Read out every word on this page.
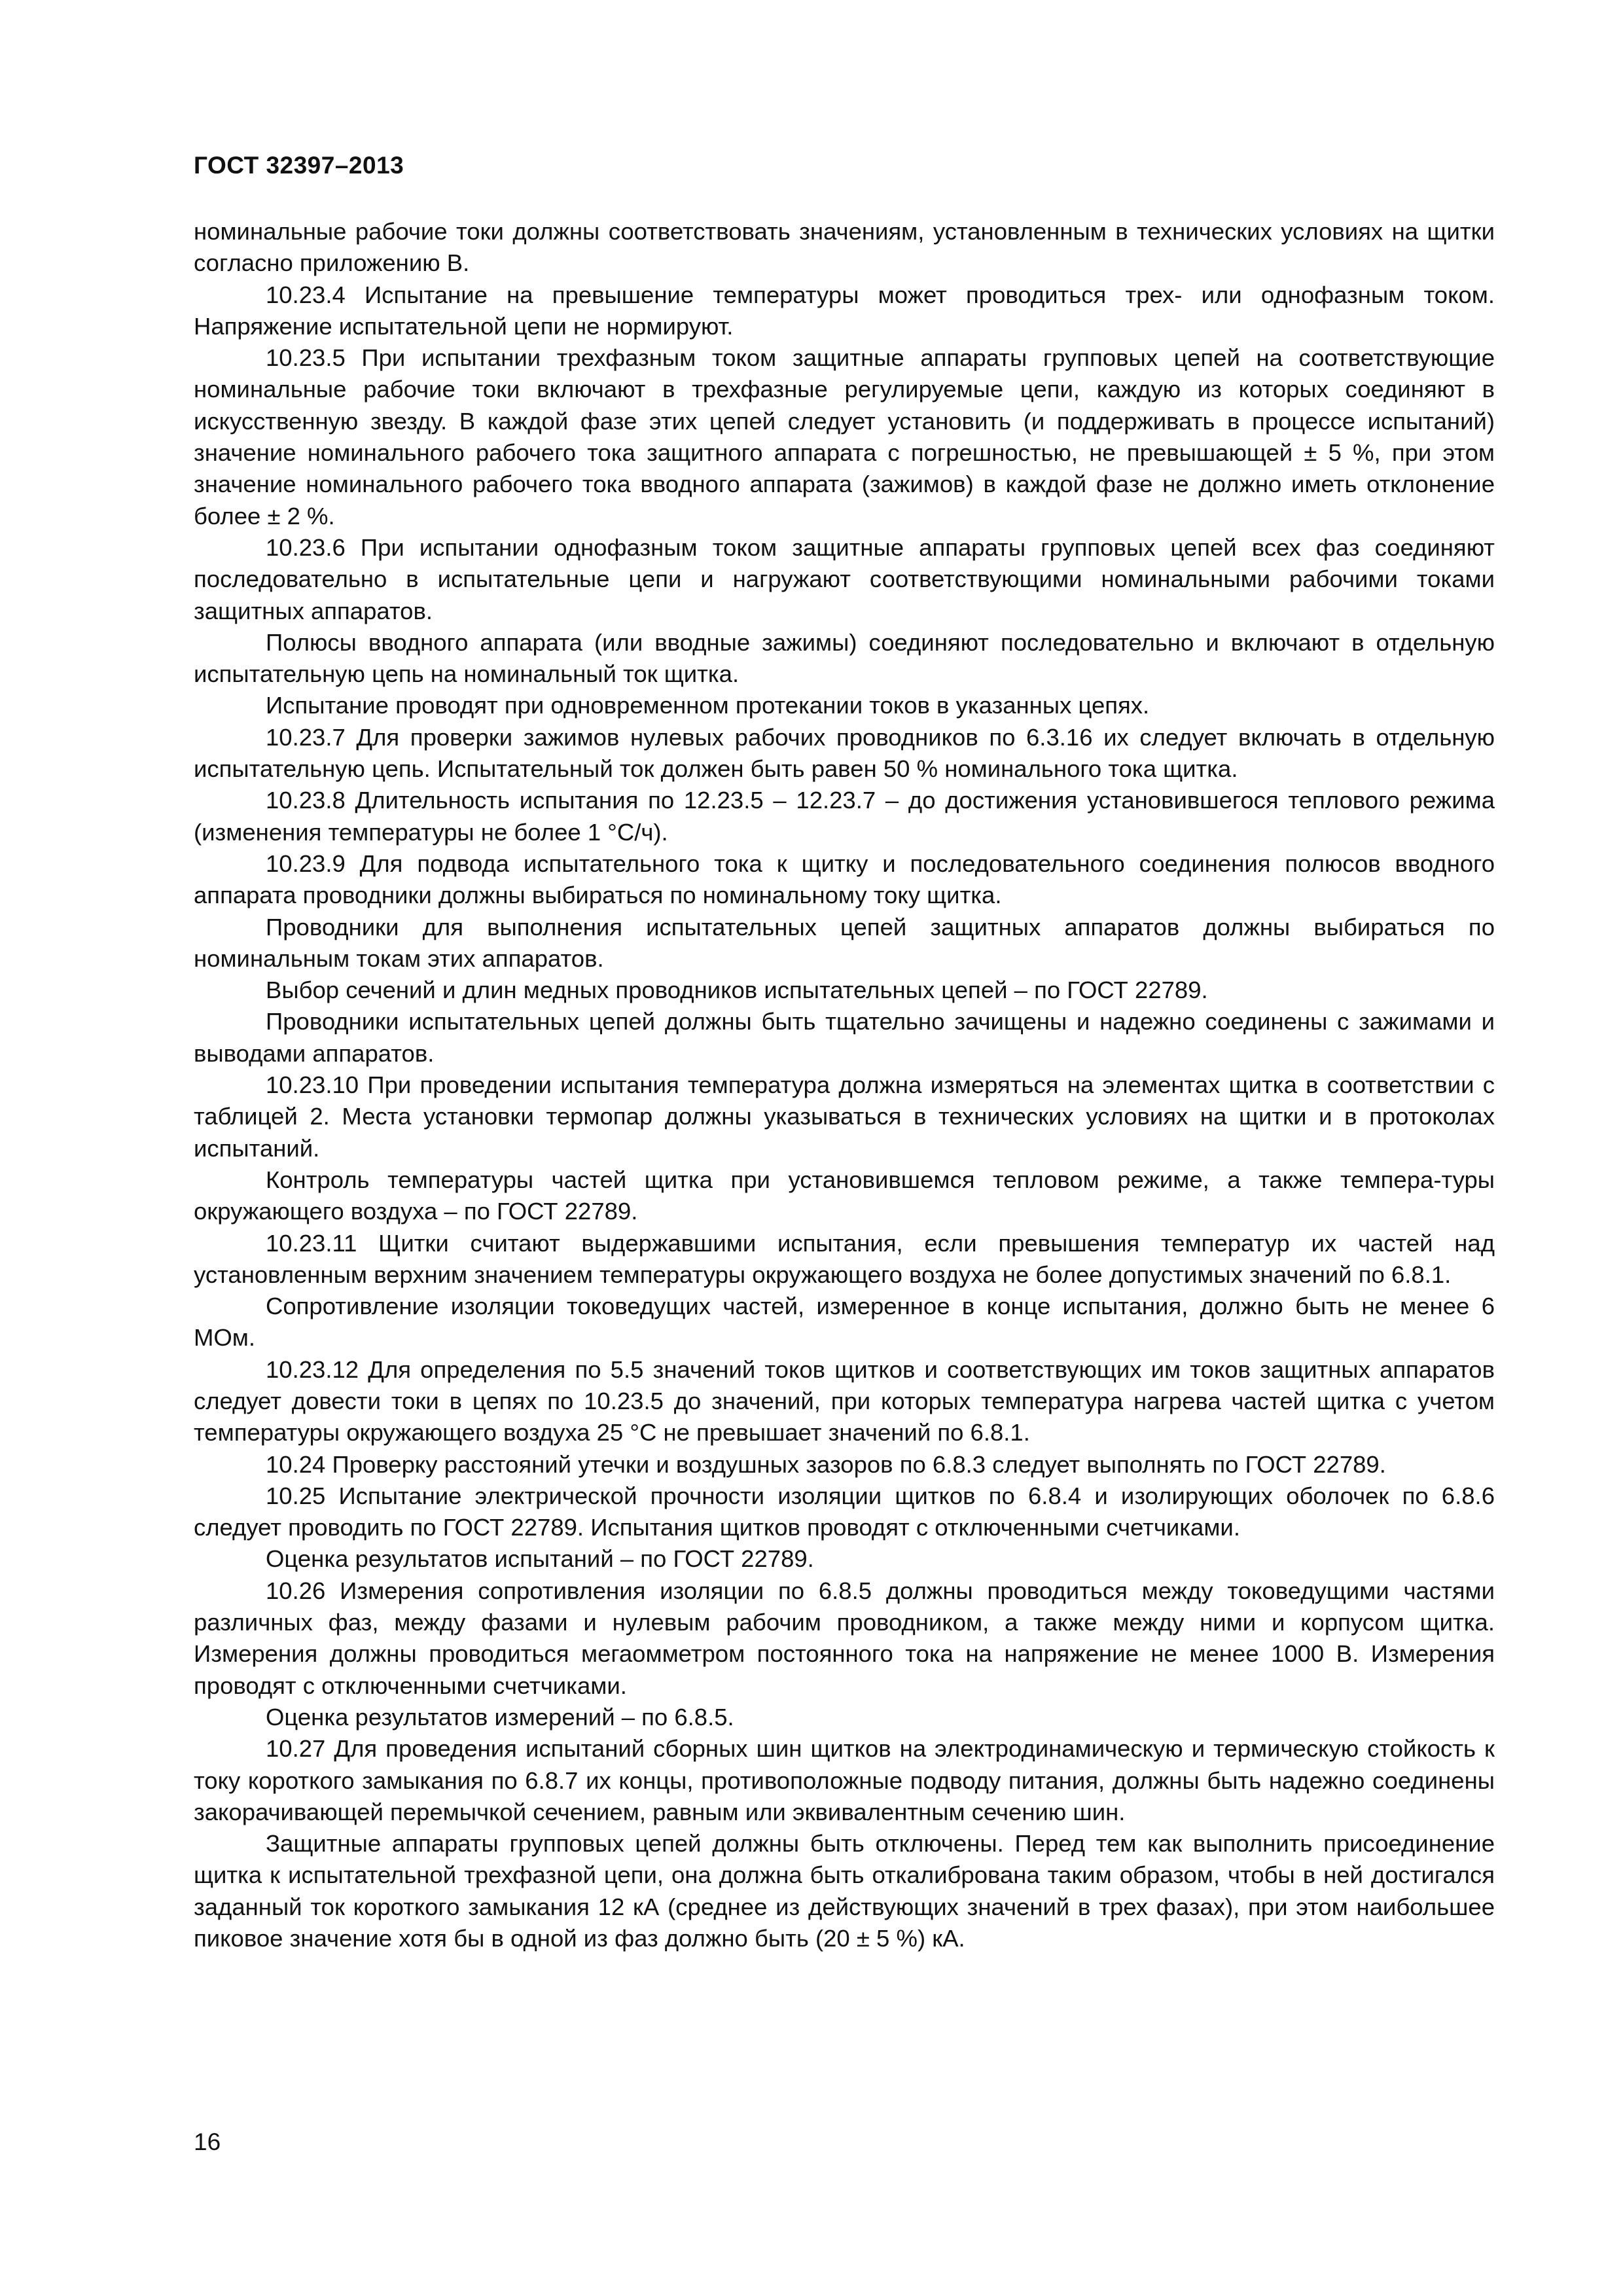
ГОСТ 32397–2013

номинальные рабочие токи должны соответствовать значениям, установленным в технических условиях на щитки согласно приложению В.

10.23.4 Испытание на превышение температуры может проводиться трех- или однофазным током. Напряжение испытательной цепи не нормируют.

10.23.5 При испытании трехфазным током защитные аппараты групповых цепей на соответствующие номинальные рабочие токи включают в трехфазные регулируемые цепи, каждую из которых соединяют в искусственную звезду. В каждой фазе этих цепей следует установить (и поддерживать в процессе испытаний) значение номинального рабочего тока защитного аппарата с погрешностью, не превышающей ± 5 %, при этом значение номинального рабочего тока вводного аппарата (зажимов) в каждой фазе не должно иметь отклонение более ± 2 %.

10.23.6 При испытании однофазным током защитные аппараты групповых цепей всех фаз соединяют последовательно в испытательные цепи и нагружают соответствующими номинальными рабочими токами защитных аппаратов.

Полюсы вводного аппарата (или вводные зажимы) соединяют последовательно и включают в отдельную испытательную цепь на номинальный ток щитка.

Испытание проводят при одновременном протекании токов в указанных цепях.

10.23.7 Для проверки зажимов нулевых рабочих проводников по 6.3.16 их следует включать в отдельную испытательную цепь. Испытательный ток должен быть равен 50 % номинального тока щитка.

10.23.8 Длительность испытания по 12.23.5 – 12.23.7 – до достижения установившегося теплового режима (изменения температуры не более 1 °С/ч).

10.23.9 Для подвода испытательного тока к щитку и последовательного соединения полюсов вводного аппарата проводники должны выбираться по номинальному току щитка.

Проводники для выполнения испытательных цепей защитных аппаратов должны выбираться по номинальным токам этих аппаратов.

Выбор сечений и длин медных проводников испытательных цепей – по ГОСТ 22789.

Проводники испытательных цепей должны быть тщательно зачищены и надежно соединены с зажимами и выводами аппаратов.

10.23.10 При проведении испытания температура должна измеряться на элементах щитка в соответствии с таблицей 2. Места установки термопар должны указываться в технических условиях на щитки и в протоколах испытаний.

Контроль температуры частей щитка при установившемся тепловом режиме, а также темпера-туры окружающего воздуха – по ГОСТ 22789.

10.23.11 Щитки считают выдержавшими испытания, если превышения температур их частей над установленным верхним значением температуры окружающего воздуха не более допустимых значений по 6.8.1.

Сопротивление изоляции токоведущих частей, измеренное в конце испытания, должно быть не менее 6 МОм.

10.23.12 Для определения по 5.5 значений токов щитков и соответствующих им токов защитных аппаратов следует довести токи в цепях по 10.23.5 до значений, при которых температура нагрева частей щитка с учетом температуры окружающего воздуха 25 °С не превышает значений по 6.8.1.

10.24 Проверку расстояний утечки и воздушных зазоров по 6.8.3 следует выполнять по ГОСТ 22789.

10.25 Испытание электрической прочности изоляции щитков по 6.8.4 и изолирующих оболочек по 6.8.6 следует проводить по ГОСТ 22789. Испытания щитков проводят с отключенными счетчиками.

Оценка результатов испытаний – по ГОСТ 22789.

10.26 Измерения сопротивления изоляции по 6.8.5 должны проводиться между токоведущими частями различных фаз, между фазами и нулевым рабочим проводником, а также между ними и корпусом щитка. Измерения должны проводиться мегаомметром постоянного тока на напряжение не менее 1000 В. Измерения проводят с отключенными счетчиками.

Оценка результатов измерений – по 6.8.5.

10.27 Для проведения испытаний сборных шин щитков на электродинамическую и термическую стойкость к току короткого замыкания по 6.8.7 их концы, противоположные подводу питания, должны быть надежно соединены закорачивающей перемычкой сечением, равным или эквивалентным сечению шин.

Защитные аппараты групповых цепей должны быть отключены. Перед тем как выполнить присоединение щитка к испытательной трехфазной цепи, она должна быть откалибрована таким образом, чтобы в ней достигался заданный ток короткого замыкания 12 кА (среднее из действующих значений в трех фазах), при этом наибольшее пиковое значение хотя бы в одной из фаз должно быть (20 ± 5 %) кА.

16
